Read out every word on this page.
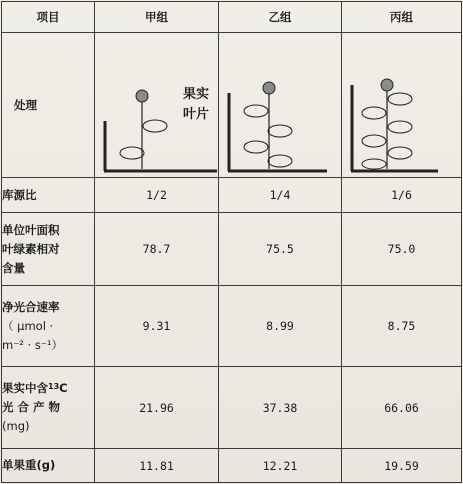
项目	甲组	乙组	丙组
处理	果实
叶片

库源比	1/2	1/4	1/6

单位叶面积
叶绿素相对
含量	78.7	75.5	75.0

净光合速率
（ μmol ·
m⁻² · s⁻¹）	9.31	8.99	8.75

果实中含$^{13}$C
光 合 产 物
(mg)	21.96	37.38	66.06

单果重(g)	11.81	12.21	19.59
